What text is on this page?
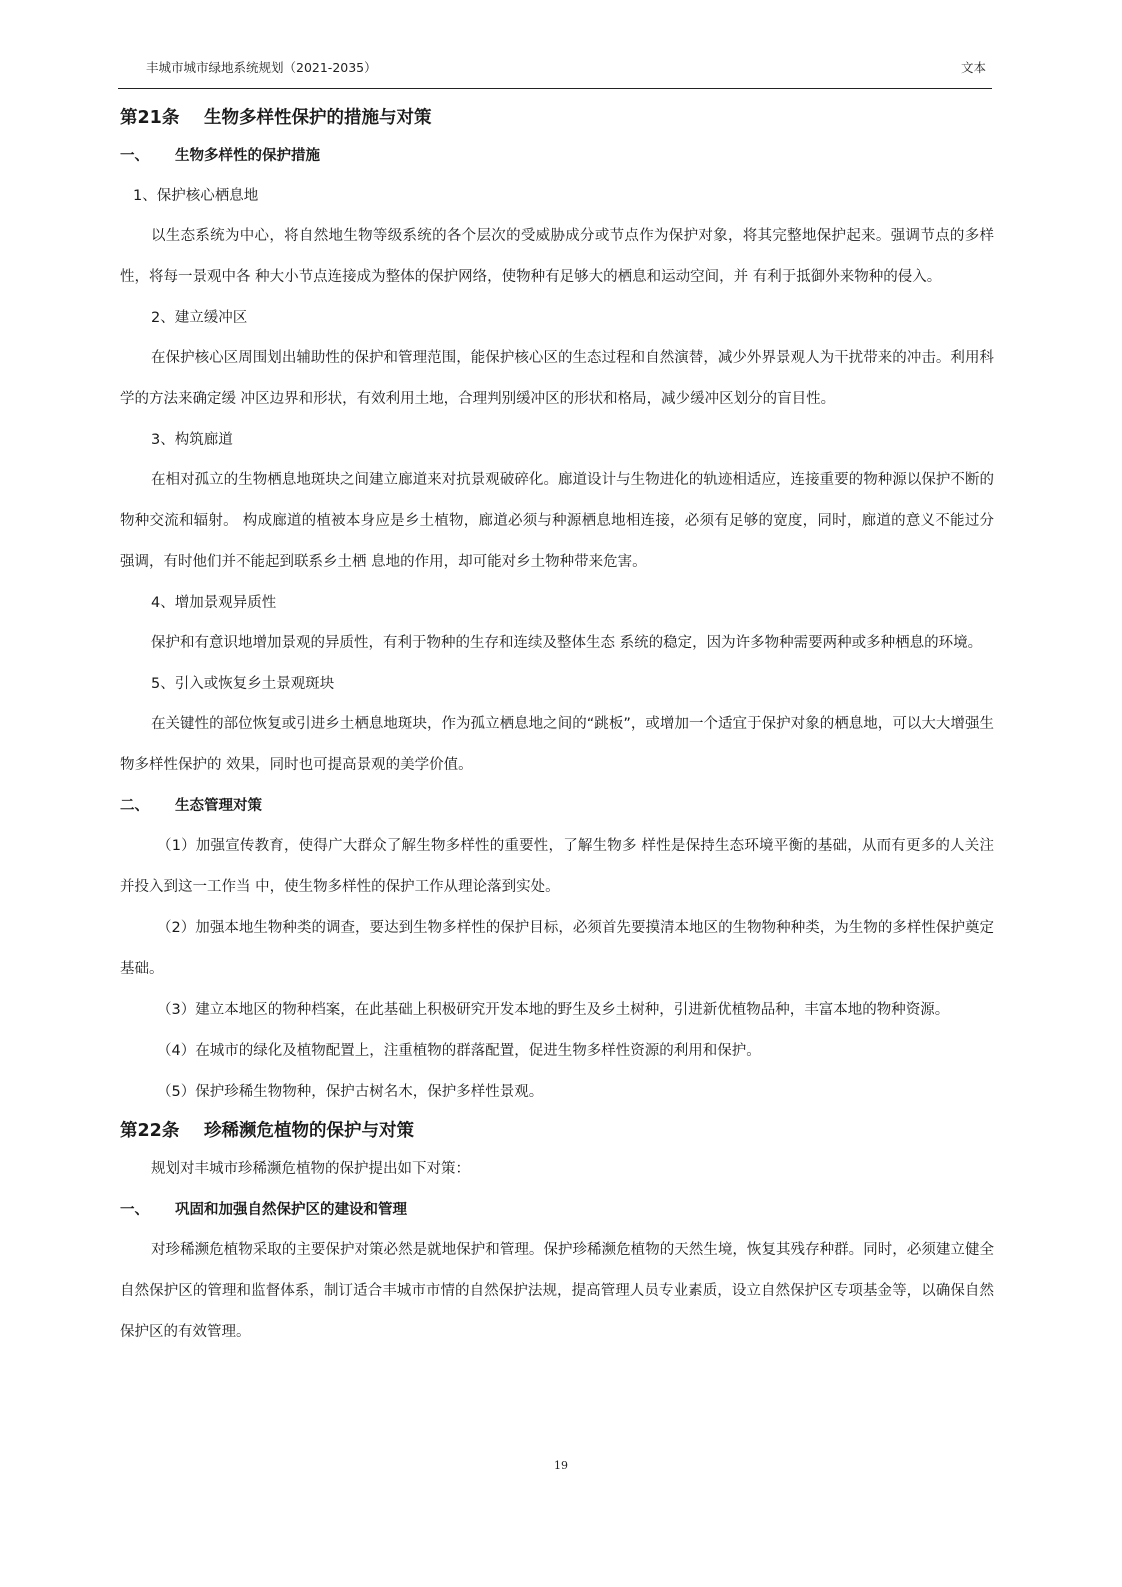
丰城市城市绿地系统规划（2021-2035）	文本
第21条 生物多样性保护的措施与对策
一、 生物多样性的保护措施
1、保护核心栖息地

以生态系统为中心，将自然地生物等级系统的各个层次的受威胁成分或节点作为保护对象，将其完整地保护起来。强调节点的多样性，将每一景观中各 种大小节点连接成为整体的保护网络，使物种有足够大的栖息和运动空间，并 有利于抵御外来物种的侵入。

2、建立缓冲区

在保护核心区周围划出辅助性的保护和管理范围，能保护核心区的生态过程和自然演替，减少外界景观人为干扰带来的冲击。利用科学的方法来确定缓 冲区边界和形状，有效利用土地，合理判别缓冲区的形状和格局，减少缓冲区划分的盲目性。

3、构筑廊道

在相对孤立的生物栖息地斑块之间建立廊道来对抗景观破碎化。廊道设计与生物进化的轨迹相适应，连接重要的物种源以保护不断的物种交流和辐射。 构成廊道的植被本身应是乡土植物，廊道必须与种源栖息地相连接，必须有足够的宽度，同时，廊道的意义不能过分强调，有时他们并不能起到联系乡土栖 息地的作用，却可能对乡土物种带来危害。

4、增加景观异质性

保护和有意识地增加景观的异质性，有利于物种的生存和连续及整体生态 系统的稳定，因为许多物种需要两种或多种栖息的环境。

5、引入或恢复乡土景观斑块

在关键性的部位恢复或引进乡土栖息地斑块，作为孤立栖息地之间的“跳板”，或增加一个适宜于保护对象的栖息地，可以大大增强生物多样性保护的 效果，同时也可提高景观的美学价值。

二、 生态管理对策

（1）加强宣传教育，使得广大群众了解生物多样性的重要性，了解生物多 样性是保持生态环境平衡的基础，从而有更多的人关注并投入到这一工作当 中，使生物多样性的保护工作从理论落到实处。

（2）加强本地生物种类的调查，要达到生物多样性的保护目标，必须首先要摸清本地区的生物物种种类，为生物的多样性保护奠定基础。

（3）建立本地区的物种档案，在此基础上积极研究开发本地的野生及乡土树种，引进新优植物品种，丰富本地的物种资源。

（4）在城市的绿化及植物配置上，注重植物的群落配置，促进生物多样性资源的利用和保护。

（5）保护珍稀生物物种，保护古树名木，保护多样性景观。

第22条 珍稀濒危植物的保护与对策

规划对丰城市珍稀濒危植物的保护提出如下对策：

一、 巩固和加强自然保护区的建设和管理

对珍稀濒危植物采取的主要保护对策必然是就地保护和管理。保护珍稀濒危植物的天然生境，恢复其残存种群。同时，必须建立健全自然保护区的管理和监督体系，制订适合丰城市市情的自然保护法规，提高管理人员专业素质，设立自然保护区专项基金等，以确保自然保护区的有效管理。

19
